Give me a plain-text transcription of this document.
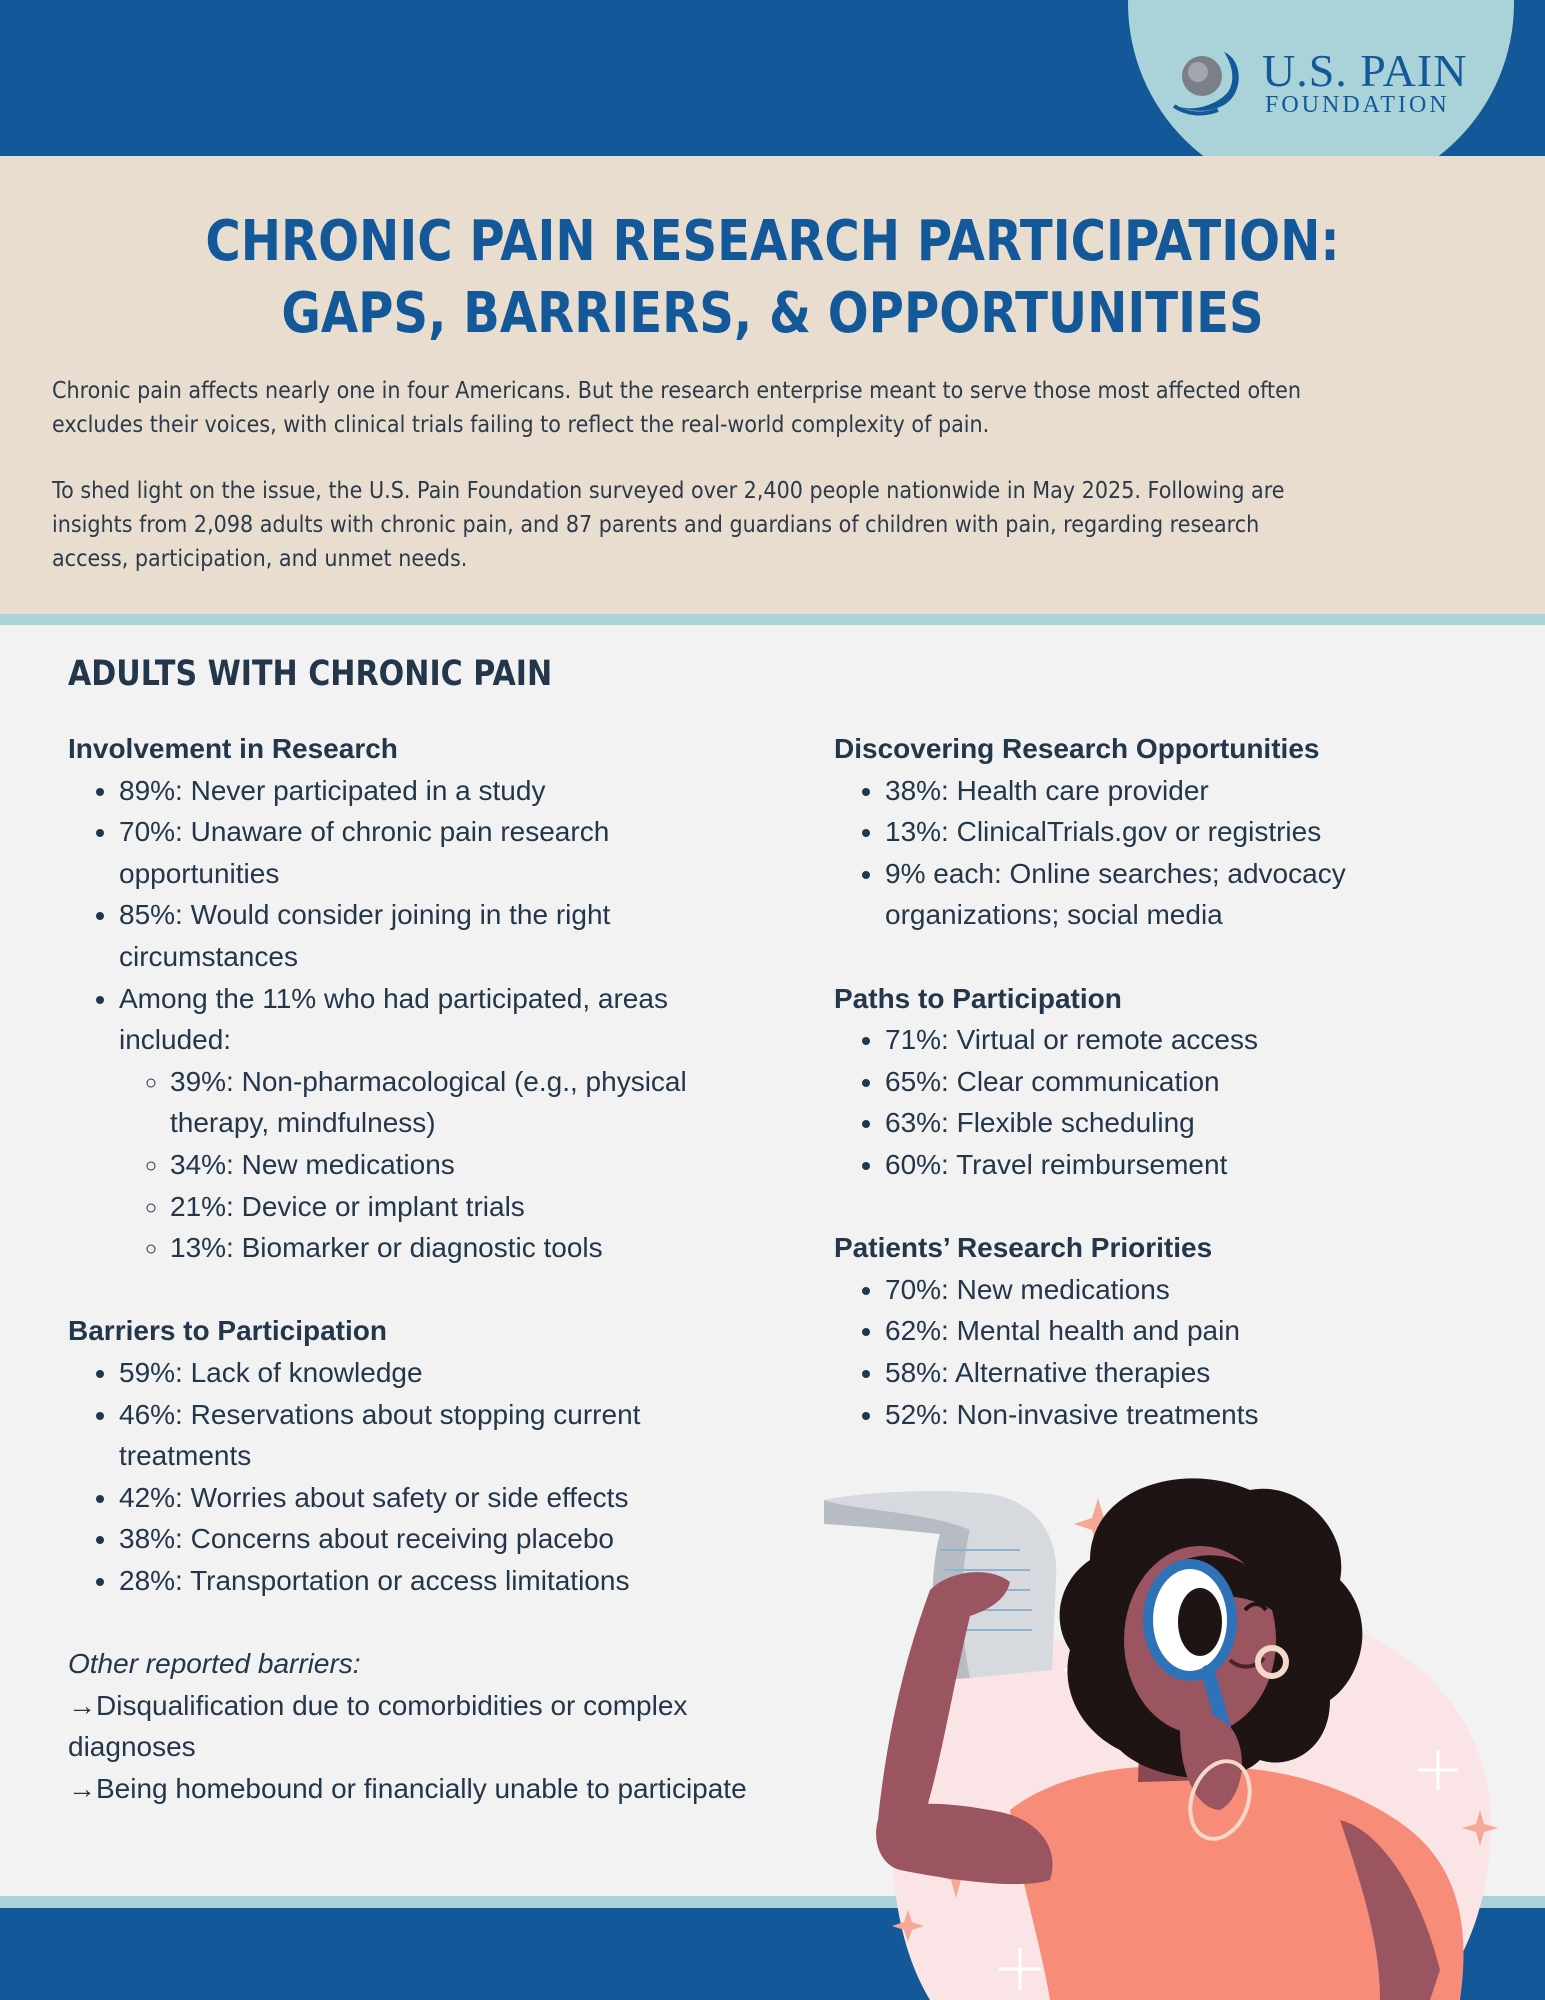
U.S. PAIN
FOUNDATION
CHRONIC PAIN RESEARCH PARTICIPATION:
GAPS, BARRIERS, & OPPORTUNITIES

Chronic pain affects nearly one in four Americans. But the research enterprise meant to serve those most affected often excludes their voices, with clinical trials failing to reflect the real-world complexity of pain.

To shed light on the issue, the U.S. Pain Foundation surveyed over 2,400 people nationwide in May 2025. Following are insights from 2,098 adults with chronic pain, and 87 parents and guardians of children with pain, regarding research access, participation, and unmet needs.

ADULTS WITH CHRONIC PAIN
Involvement in Research
• 89%: Never participated in a study
• 70%: Unaware of chronic pain research opportunities
• 85%: Would consider joining in the right circumstances
• Among the 11% who had participated, areas included:
◦ 39%: Non-pharmacological (e.g., physical therapy, mindfulness)
◦ 34%: New medications
◦ 21%: Device or implant trials
◦ 13%: Biomarker or diagnostic tools
Barriers to Participation
• 59%: Lack of knowledge
• 46%: Reservations about stopping current treatments
• 42%: Worries about safety or side effects
• 38%: Concerns about receiving placebo
• 28%: Transportation or access limitations
Other reported barriers:
→Disqualification due to comorbidities or complex diagnoses
→Being homebound or financially unable to participate
Discovering Research Opportunities
• 38%: Health care provider
• 13%: ClinicalTrials.gov or registries
• 9% each: Online searches; advocacy organizations; social media
Paths to Participation
• 71%: Virtual or remote access
• 65%: Clear communication
• 63%: Flexible scheduling
• 60%: Travel reimbursement
Patients’ Research Priorities
• 70%: New medications
• 62%: Mental health and pain
• 58%: Alternative therapies
• 52%: Non-invasive treatments
